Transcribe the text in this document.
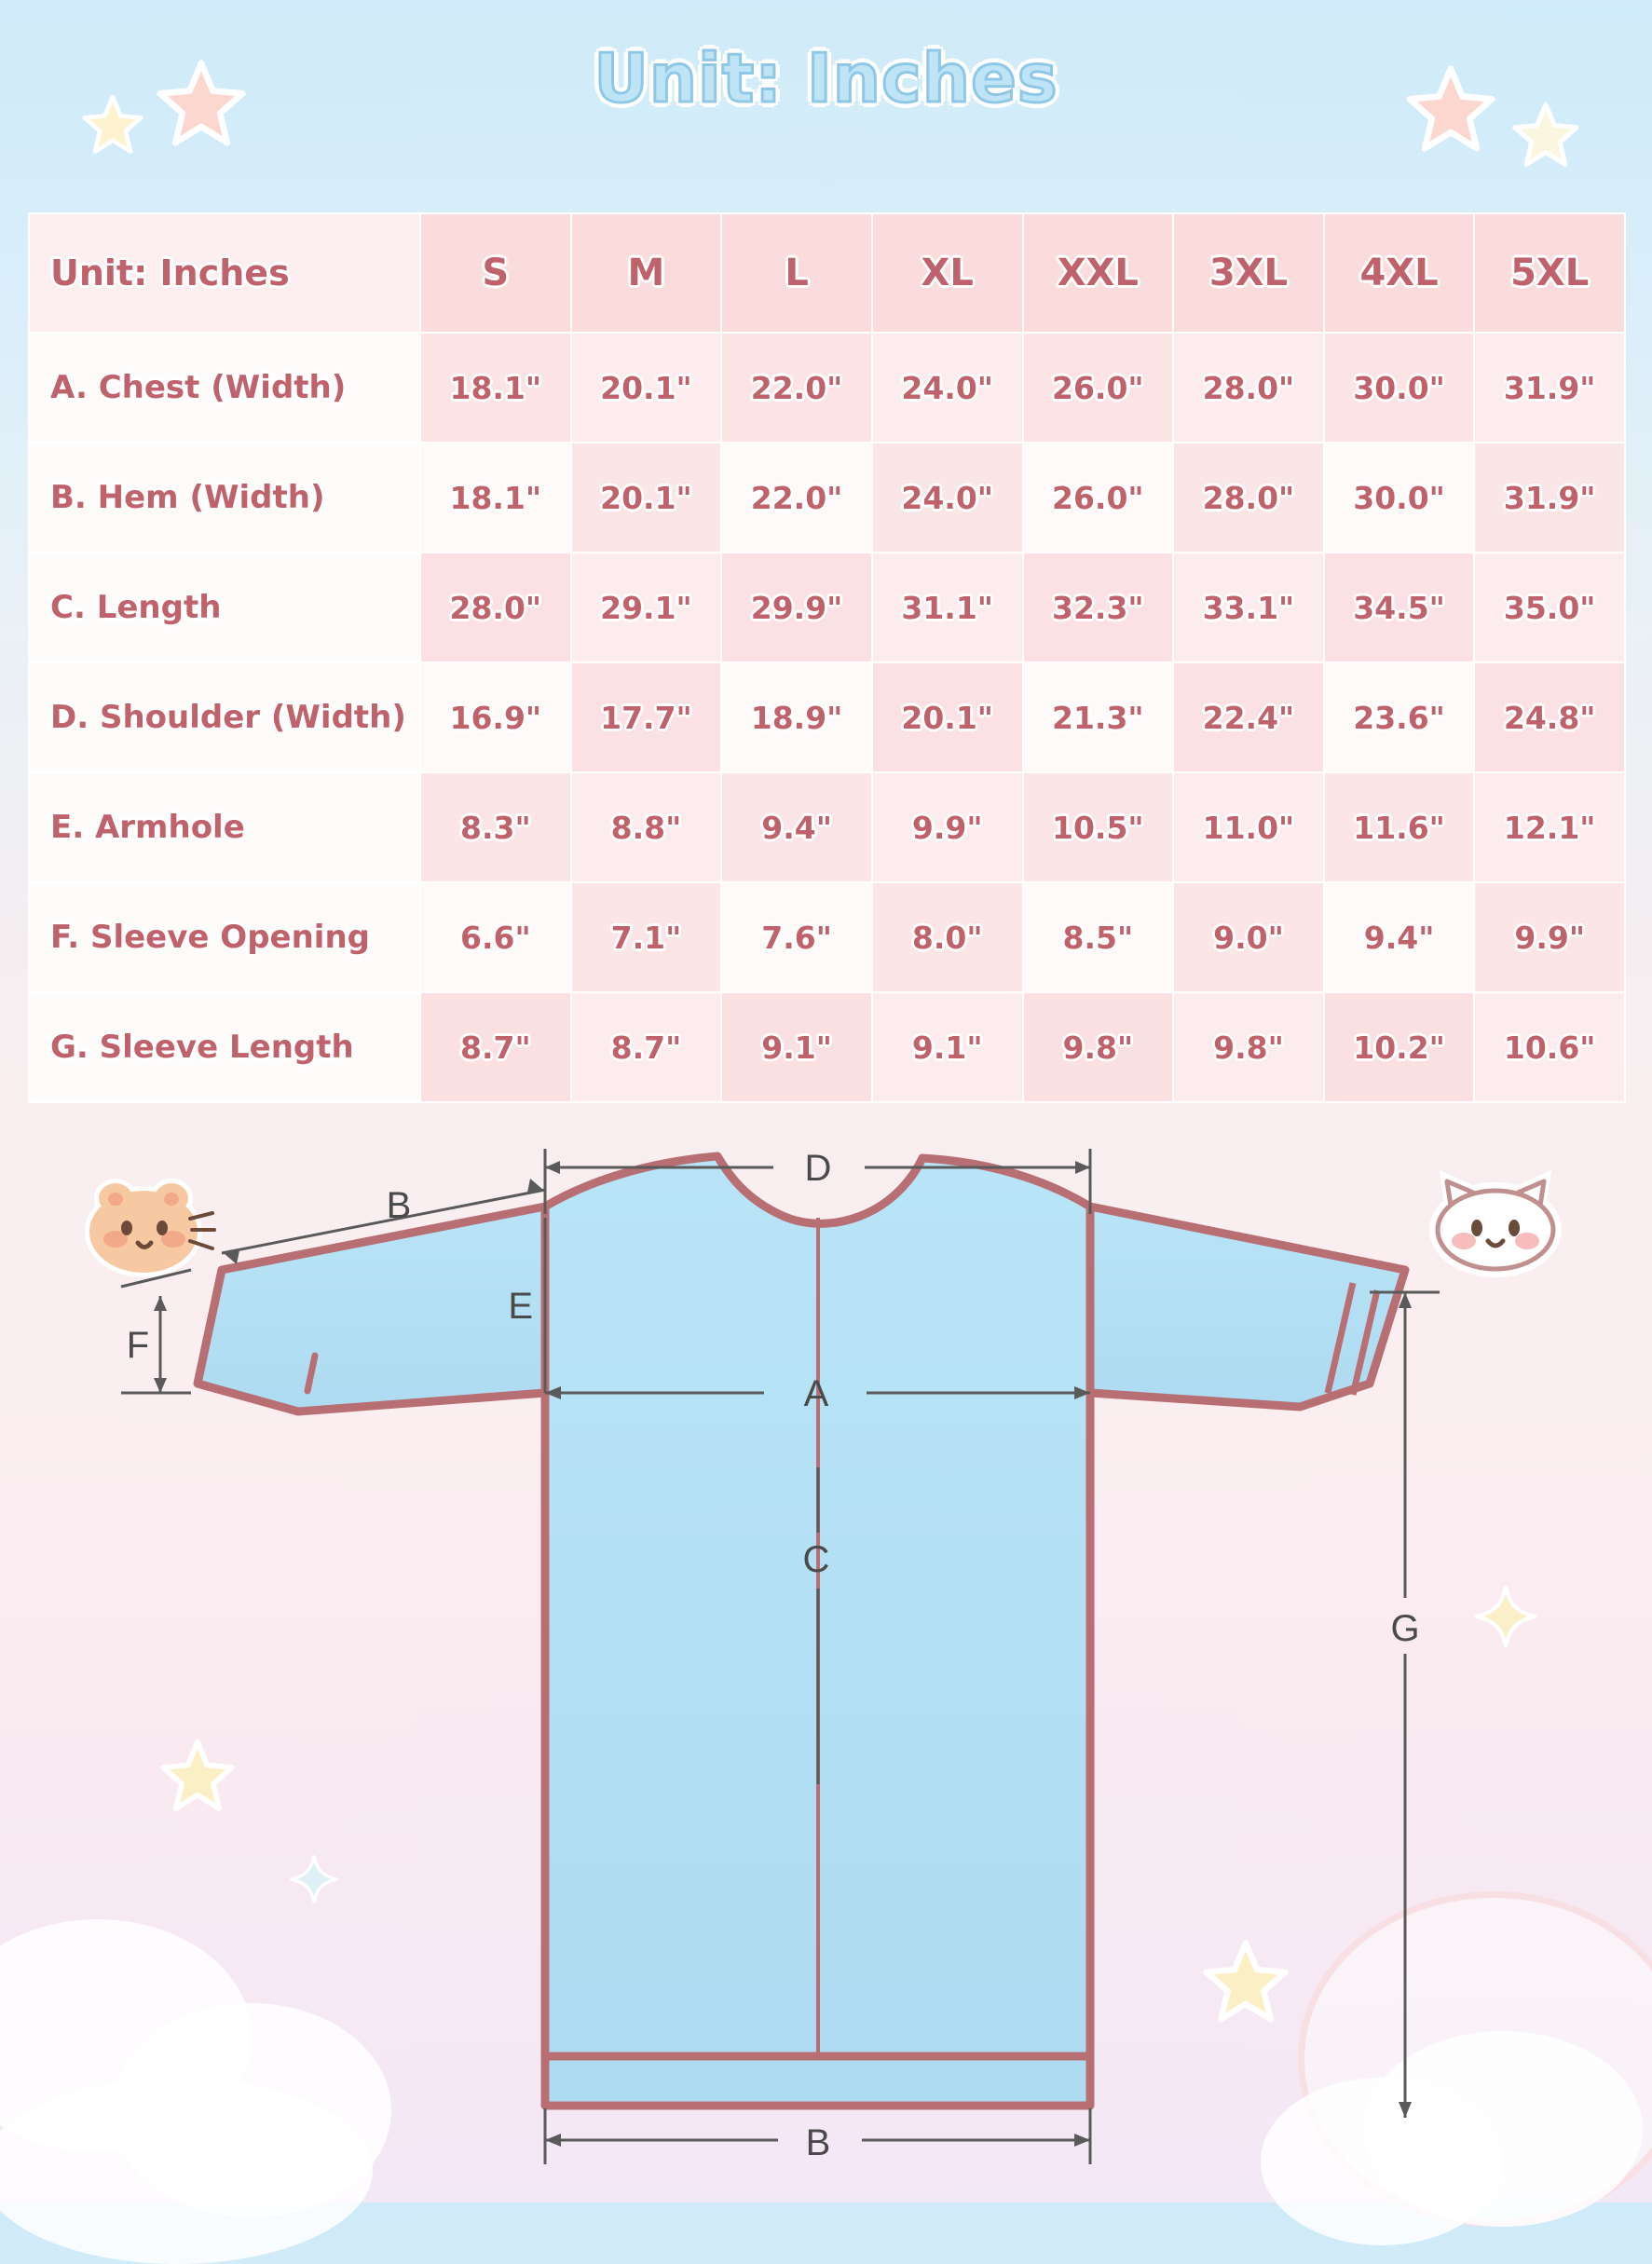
Unit: Inches
Unit: Inches	S	M	L	XL	XXL	3XL	4XL	5XL
A. Chest (Width)	18.1"	20.1"	22.0"	24.0"	26.0"	28.0"	30.0"	31.9"
B. Hem (Width)	18.1"	20.1"	22.0"	24.0"	26.0"	28.0"	30.0"	31.9"
C. Length	28.0"	29.1"	29.9"	31.1"	32.3"	33.1"	34.5"	35.0"
D. Shoulder (Width)	16.9"	17.7"	18.9"	20.1"	21.3"	22.4"	23.6"	24.8"
E. Armhole	8.3"	8.8"	9.4"	9.9"	10.5"	11.0"	11.6"	12.1"
F. Sleeve Opening	6.6"	7.1"	7.6"	8.0"	8.5"	9.0"	9.4"	9.9"
G. Sleeve Length	8.7"	8.7"	9.1"	9.1"	9.8"	9.8"	10.2"	10.6"
D
B
F
E
A
C
G
B
